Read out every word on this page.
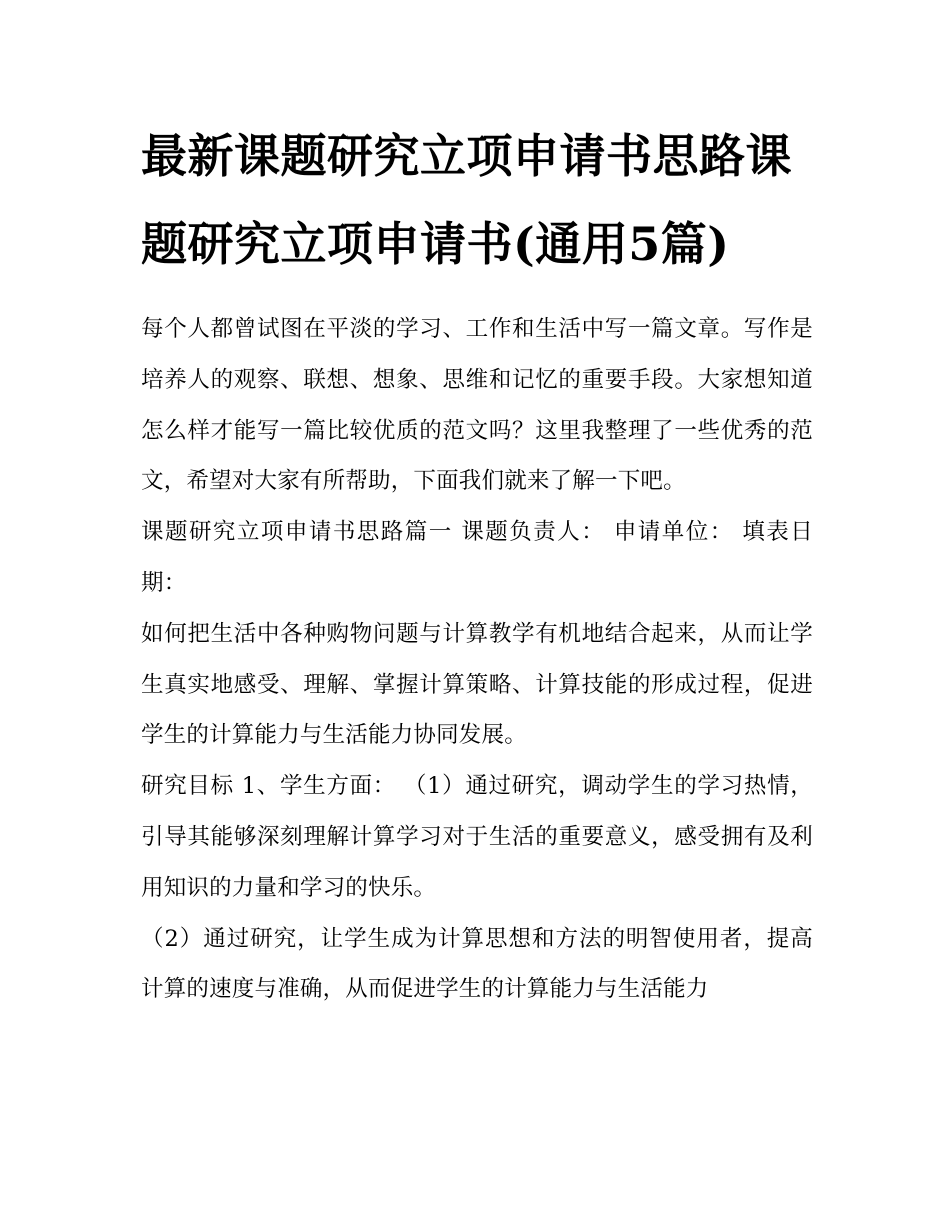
最新课题研究立项申请书思路课题研究立项申请书(通用5篇)

每个人都曾试图在平淡的学习、工作和生活中写一篇文章。写作是培养人的观察、联想、想象、思维和记忆的重要手段。大家想知道怎么样才能写一篇比较优质的范文吗？这里我整理了一些优秀的范文，希望对大家有所帮助，下面我们就来了解一下吧。

课题研究立项申请书思路篇一 课题负责人： 申请单位： 填表日期：

如何把生活中各种购物问题与计算教学有机地结合起来，从而让学生真实地感受、理解、掌握计算策略、计算技能的形成过程，促进学生的计算能力与生活能力协同发展。

研究目标 1、学生方面： （1）通过研究，调动学生的学习热情，引导其能够深刻理解计算学习对于生活的重要意义，感受拥有及利用知识的力量和学习的快乐。

（2）通过研究，让学生成为计算思想和方法的明智使用者，提高计算的速度与准确，从而促进学生的计算能力与生活能力
